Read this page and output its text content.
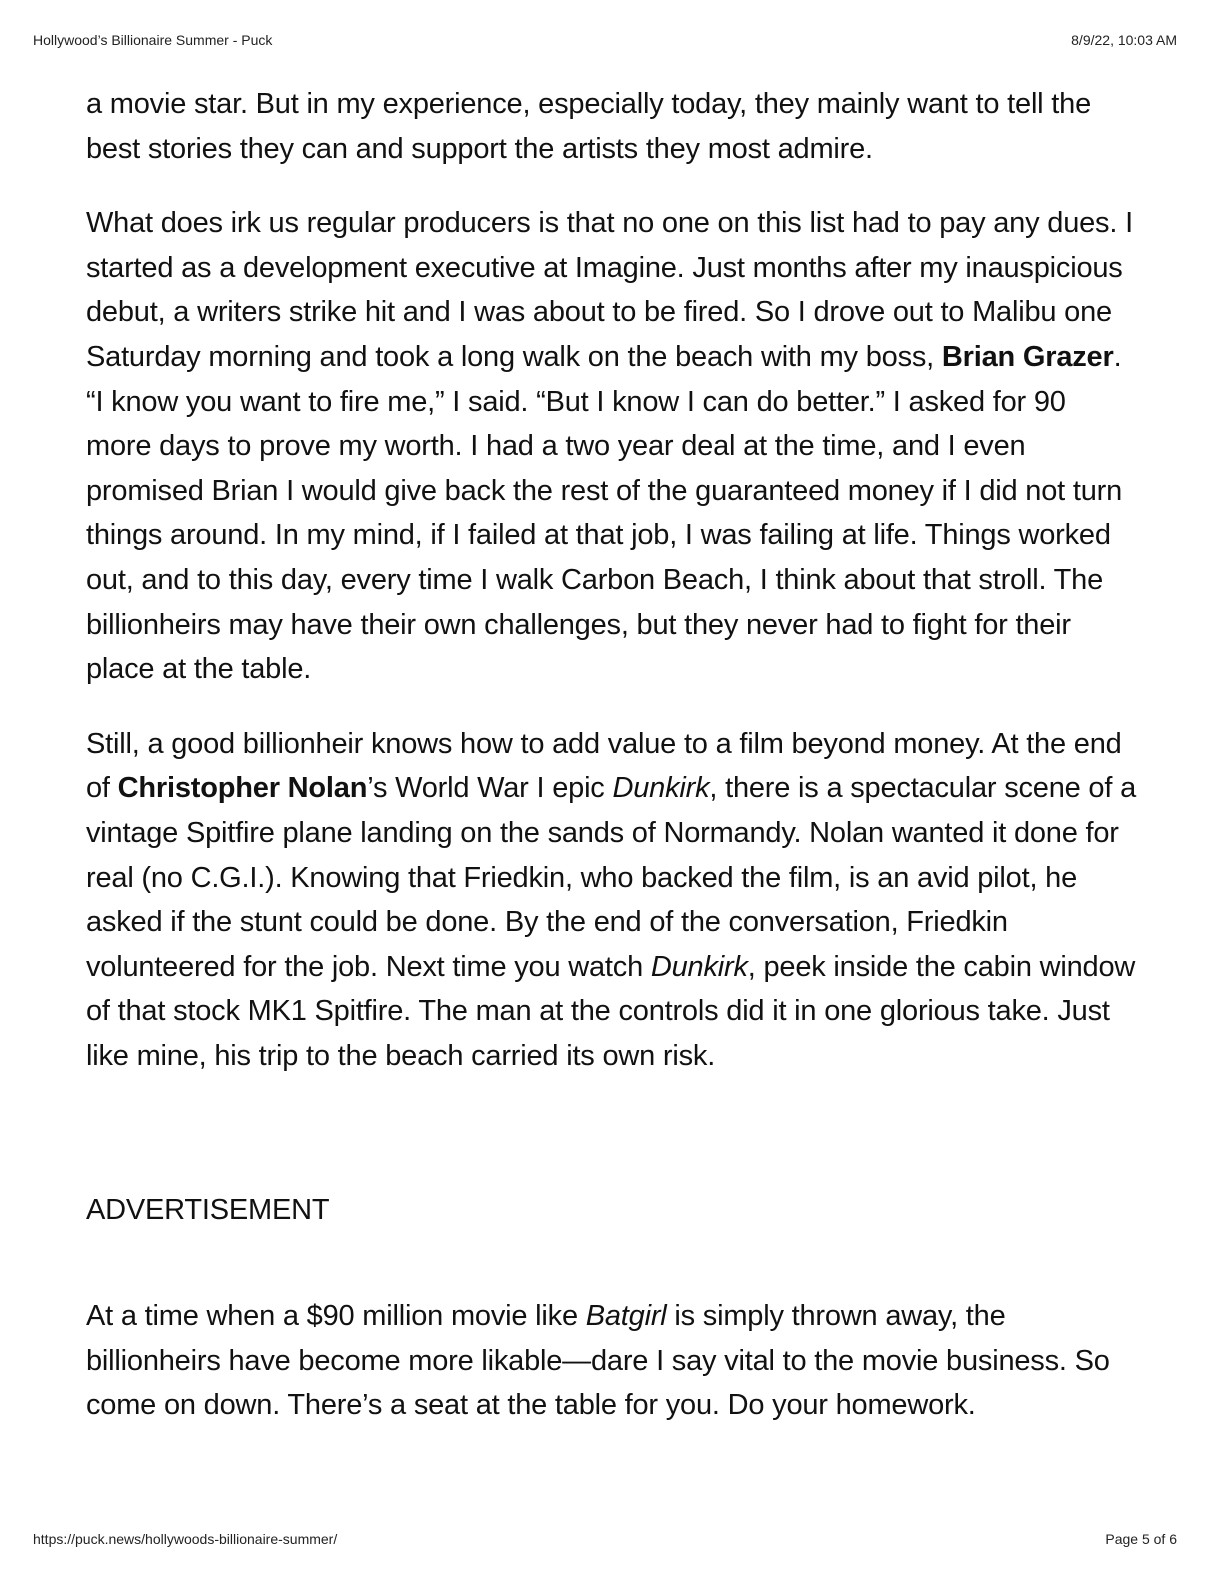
Hollywood’s Billionaire Summer - Puck	8/9/22, 10:03 AM

a movie star. But in my experience, especially today, they mainly want to tell the best stories they can and support the artists they most admire.

What does irk us regular producers is that no one on this list had to pay any dues. I started as a development executive at Imagine. Just months after my inauspicious debut, a writers strike hit and I was about to be fired. So I drove out to Malibu one Saturday morning and took a long walk on the beach with my boss, Brian Grazer. “I know you want to fire me,” I said. “But I know I can do better.” I asked for 90 more days to prove my worth. I had a two year deal at the time, and I even promised Brian I would give back the rest of the guaranteed money if I did not turn things around. In my mind, if I failed at that job, I was failing at life. Things worked out, and to this day, every time I walk Carbon Beach, I think about that stroll. The billionheirs may have their own challenges, but they never had to fight for their place at the table.

Still, a good billionheir knows how to add value to a film beyond money. At the end of Christopher Nolan’s World War I epic Dunkirk, there is a spectacular scene of a vintage Spitfire plane landing on the sands of Normandy. Nolan wanted it done for real (no C.G.I.). Knowing that Friedkin, who backed the film, is an avid pilot, he asked if the stunt could be done. By the end of the conversation, Friedkin volunteered for the job. Next time you watch Dunkirk, peek inside the cabin window of that stock MK1 Spitfire. The man at the controls did it in one glorious take. Just like mine, his trip to the beach carried its own risk.

ADVERTISEMENT

At a time when a $90 million movie like Batgirl is simply thrown away, the billionheirs have become more likable—dare I say vital to the movie business. So come on down. There’s a seat at the table for you. Do your homework.

https://puck.news/hollywoods-billionaire-summer/	Page 5 of 6
